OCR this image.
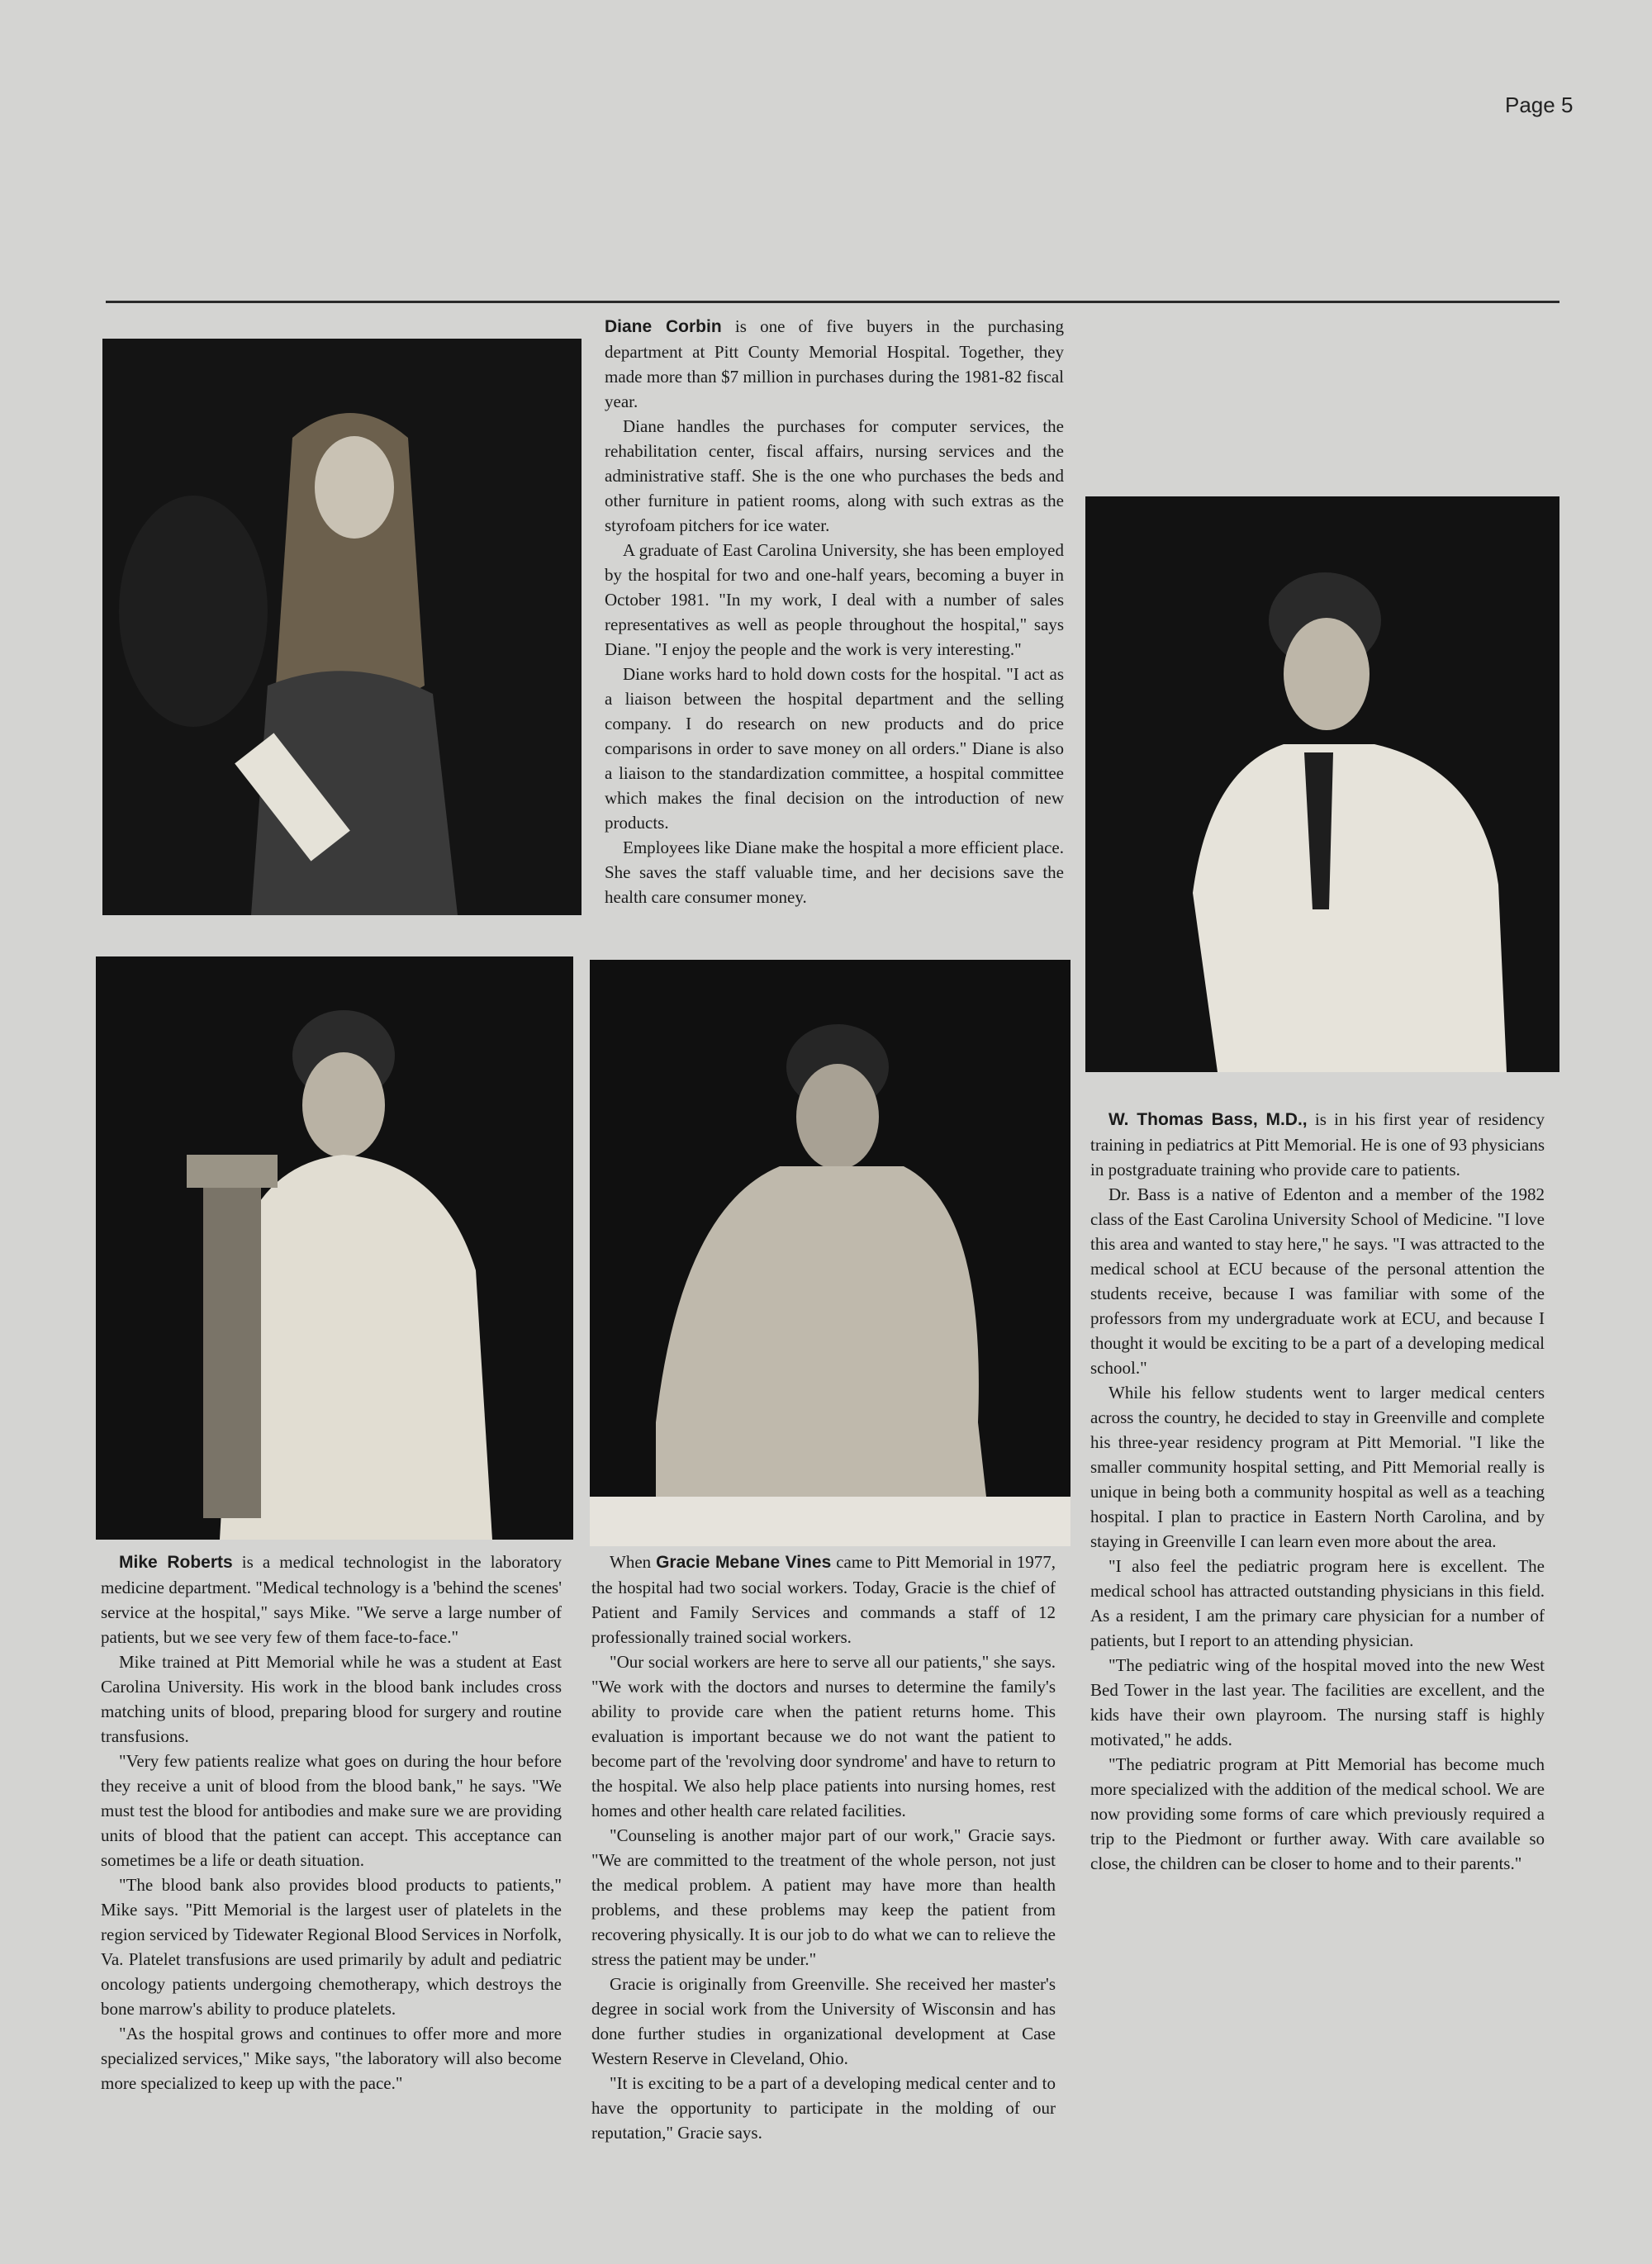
Page 5

Diane Corbin is one of five buyers in the purchasing department at Pitt County Memorial Hospital. Together, they made more than $7 million in purchases during the 1981-82 fiscal year.

Diane handles the purchases for computer services, the rehabilitation center, fiscal affairs, nursing services and the administrative staff. She is the one who purchases the beds and other furniture in patient rooms, along with such extras as the styrofoam pitchers for ice water.

A graduate of East Carolina University, she has been employed by the hospital for two and one-half years, becoming a buyer in October 1981. "In my work, I deal with a number of sales representatives as well as people throughout the hospital," says Diane. "I enjoy the people and the work is very interesting."

Diane works hard to hold down costs for the hospital. "I act as a liaison between the hospital department and the selling company. I do research on new products and do price comparisons in order to save money on all orders." Diane is also a liaison to the standardization committee, a hospital committee which makes the final decision on the introduction of new products.

Employees like Diane make the hospital a more efficient place. She saves the staff valuable time, and her decisions save the health care consumer money.

W. Thomas Bass, M.D., is in his first year of residency training in pediatrics at Pitt Memorial. He is one of 93 physicians in postgraduate training who provide care to patients.

Dr. Bass is a native of Edenton and a member of the 1982 class of the East Carolina University School of Medicine. "I love this area and wanted to stay here," he says. "I was attracted to the medical school at ECU because of the personal attention the students receive, because I was familiar with some of the professors from my undergraduate work at ECU, and because I thought it would be exciting to be a part of a developing medical school."

While his fellow students went to larger medical centers across the country, he decided to stay in Greenville and complete his three-year residency program at Pitt Memorial. "I like the smaller community hospital setting, and Pitt Memorial really is unique in being both a community hospital as well as a teaching hospital. I plan to practice in Eastern North Carolina, and by staying in Greenville I can learn even more about the area.

"I also feel the pediatric program here is excellent. The medical school has attracted outstanding physicians in this field. As a resident, I am the primary care physician for a number of patients, but I report to an attending physician.

"The pediatric wing of the hospital moved into the new West Bed Tower in the last year. The facilities are excellent, and the kids have their own playroom. The nursing staff is highly motivated," he adds.

"The pediatric program at Pitt Memorial has become much more specialized with the addition of the medical school. We are now providing some forms of care which previously required a trip to the Piedmont or further away. With care available so close, the children can be closer to home and to their parents."

Mike Roberts is a medical technologist in the laboratory medicine department. "Medical technology is a 'behind the scenes' service at the hospital," says Mike. "We serve a large number of patients, but we see very few of them face-to-face."

Mike trained at Pitt Memorial while he was a student at East Carolina University. His work in the blood bank includes cross matching units of blood, preparing blood for surgery and routine transfusions.

"Very few patients realize what goes on during the hour before they receive a unit of blood from the blood bank," he says. "We must test the blood for antibodies and make sure we are providing units of blood that the patient can accept. This acceptance can sometimes be a life or death situation.

"The blood bank also provides blood products to patients," Mike says. "Pitt Memorial is the largest user of platelets in the region serviced by Tidewater Regional Blood Services in Norfolk, Va. Platelet transfusions are used primarily by adult and pediatric oncology patients undergoing chemotherapy, which destroys the bone marrow's ability to produce platelets.

"As the hospital grows and continues to offer more and more specialized services," Mike says, "the laboratory will also become more specialized to keep up with the pace."

When Gracie Mebane Vines came to Pitt Memorial in 1977, the hospital had two social workers. Today, Gracie is the chief of Patient and Family Services and commands a staff of 12 professionally trained social workers.

"Our social workers are here to serve all our patients," she says. "We work with the doctors and nurses to determine the family's ability to provide care when the patient returns home. This evaluation is important because we do not want the patient to become part of the 'revolving door syndrome' and have to return to the hospital. We also help place patients into nursing homes, rest homes and other health care related facilities.

"Counseling is another major part of our work," Gracie says. "We are committed to the treatment of the whole person, not just the medical problem. A patient may have more than health problems, and these problems may keep the patient from recovering physically. It is our job to do what we can to relieve the stress the patient may be under."

Gracie is originally from Greenville. She received her master's degree in social work from the University of Wisconsin and has done further studies in organizational development at Case Western Reserve in Cleveland, Ohio.

"It is exciting to be a part of a developing medical center and to have the opportunity to participate in the molding of our reputation," Gracie says.
